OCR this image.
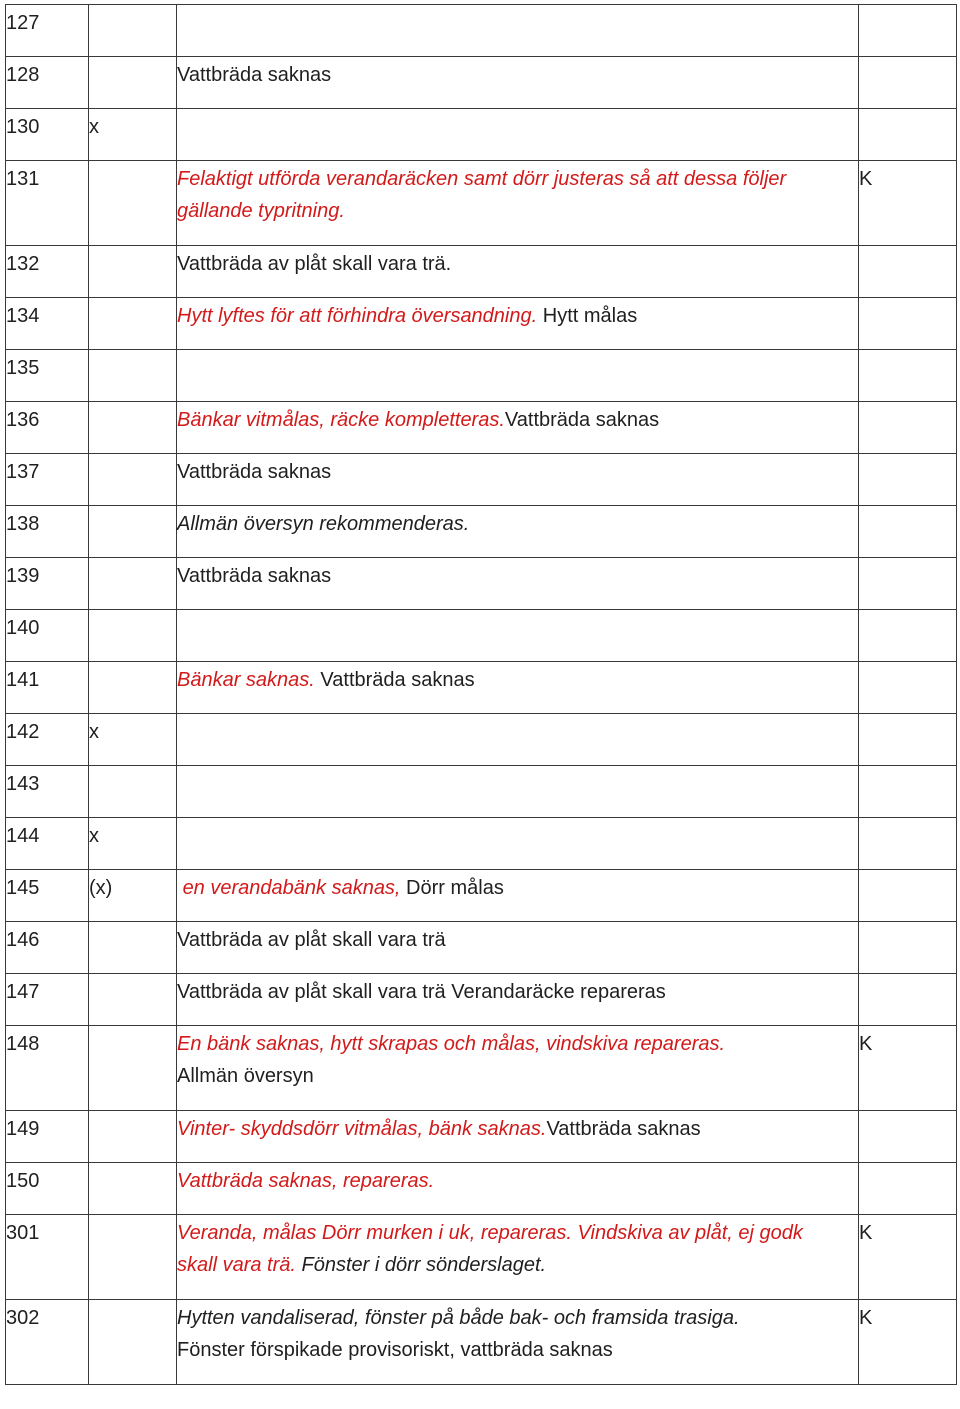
127			

128		Vattbräda saknas	

130	x		

131		Felaktigt utförda verandaräcken samt dörr justeras så att dessa följer
gällande typritning.	K

132		Vattbräda av plåt skall vara trä.	

134		Hytt lyftes för att förhindra översandning. Hytt målas	

135			

136		Bänkar vitmålas, räcke kompletteras.Vattbräda saknas	

137		Vattbräda saknas	

138		Allmän översyn rekommenderas.	

139		Vattbräda saknas	

140			

141		Bänkar saknas. Vattbräda saknas	

142	x		

143			

144	x		

145	(x)	en verandabänk saknas, Dörr målas	

146		Vattbräda av plåt skall vara trä	

147		Vattbräda av plåt skall vara trä Verandaräcke repareras	

148		En bänk saknas, hytt skrapas och målas, vindskiva repareras.
Allmän översyn	K

149		Vinter- skyddsdörr vitmålas, bänk saknas.Vattbräda saknas	

150		Vattbräda saknas, repareras.	

301		Veranda, målas Dörr murken i uk, repareras. Vindskiva av plåt, ej godk
skall vara trä. Fönster i dörr sönderslaget.	K

302		Hytten vandaliserad, fönster på både bak- och framsida trasiga.
Fönster förspikade provisoriskt, vattbräda saknas	K
